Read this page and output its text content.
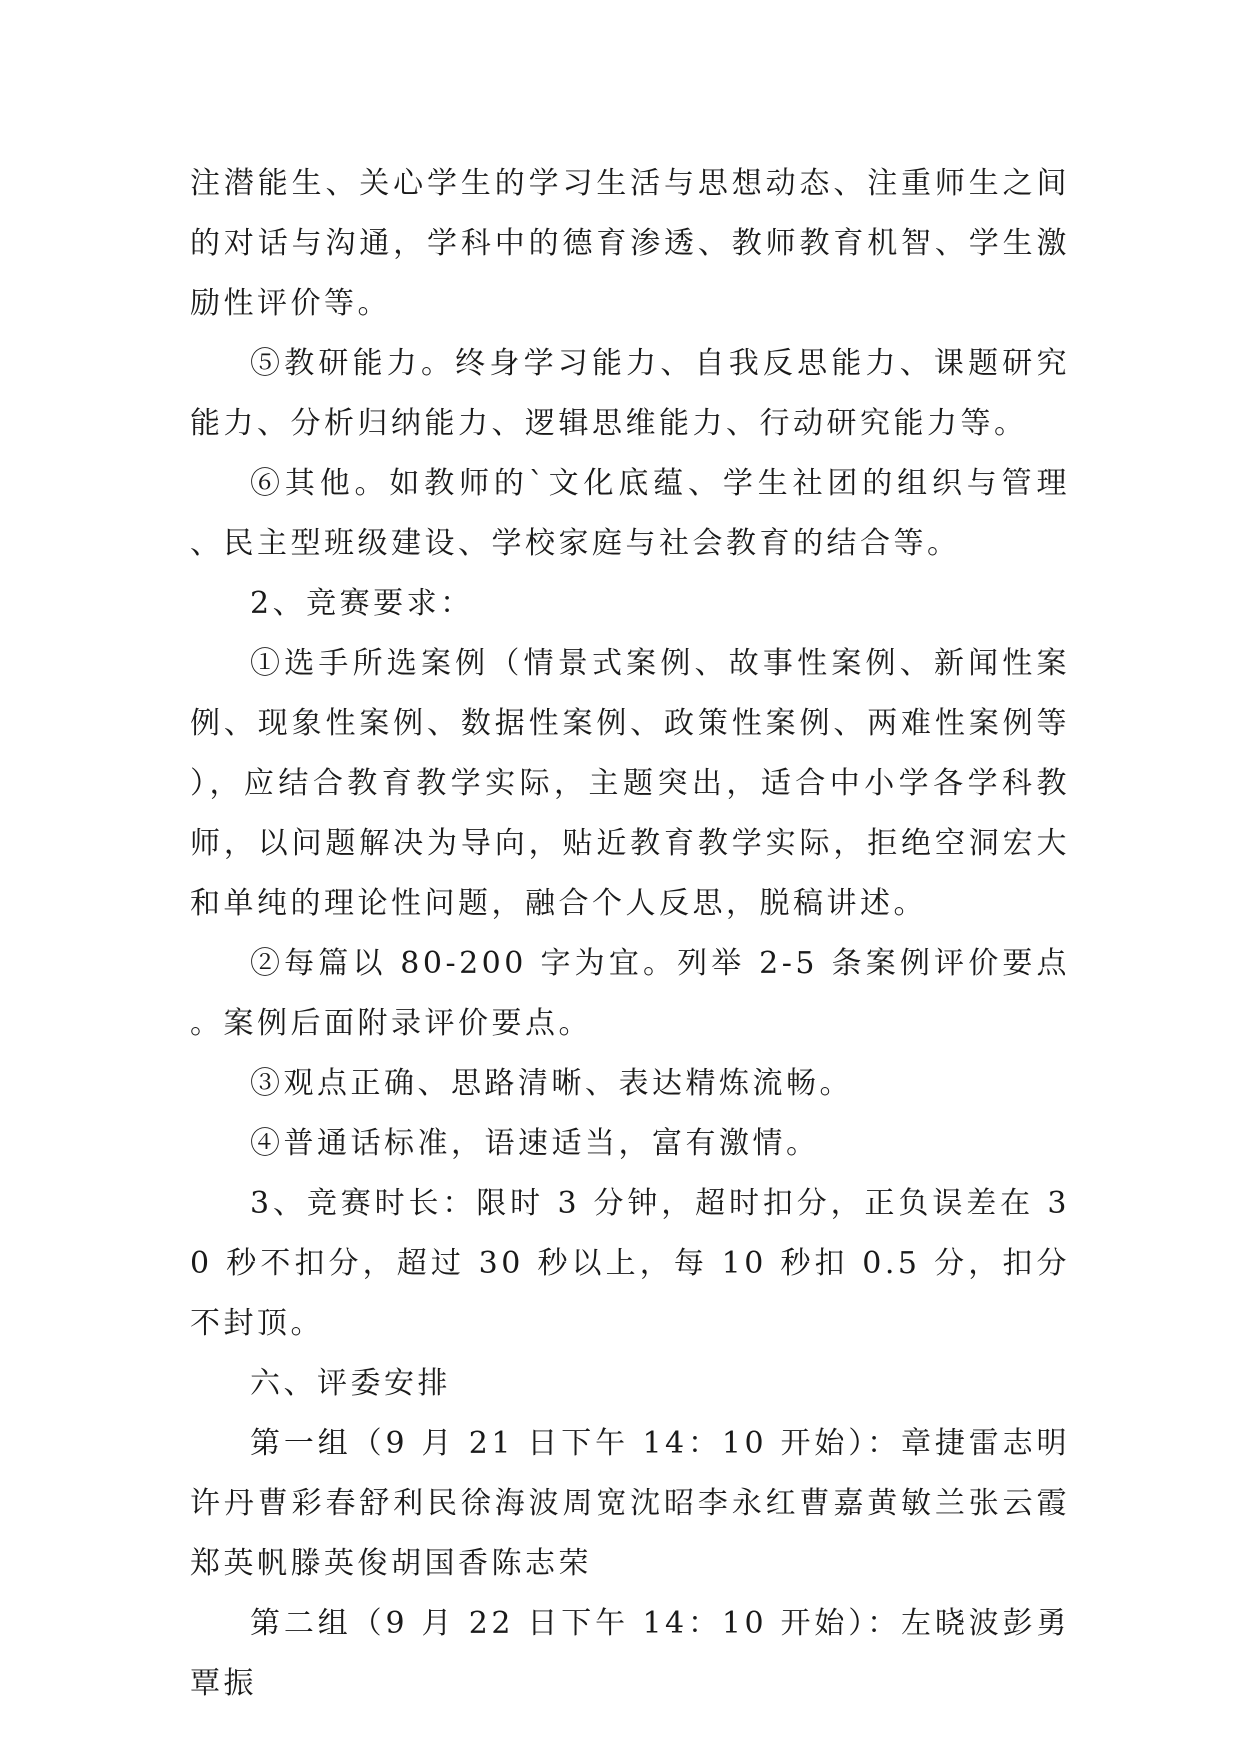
注潜能生、关心学生的学习生活与思想动态、注重师生之间的对话与沟通，学科中的德育渗透、教师教育机智、学生激励性评价等。

⑤教研能力。终身学习能力、自我反思能力、课题研究能力、分析归纳能力、逻辑思维能力、行动研究能力等。

⑥其他。如教师的`文化底蕴、学生社团的组织与管理、民主型班级建设、学校家庭与社会教育的结合等。

2、竞赛要求：

①选手所选案例（情景式案例、故事性案例、新闻性案例、现象性案例、数据性案例、政策性案例、两难性案例等），应结合教育教学实际，主题突出，适合中小学各学科教师，以问题解决为导向，贴近教育教学实际，拒绝空洞宏大和单纯的理论性问题，融合个人反思，脱稿讲述。

②每篇以 80-200 字为宜。列举 2-5 条案例评价要点。案例后面附录评价要点。

③观点正确、思路清晰、表达精炼流畅。

④普通话标准，语速适当，富有激情。

3、竞赛时长：限时 3 分钟，超时扣分，正负误差在 30 秒不扣分，超过 30 秒以上，每 10 秒扣 0.5 分，扣分不封顶。

六、评委安排

第一组（9 月 21 日下午 14：10 开始）：章捷雷志明许丹曹彩春舒利民徐海波周宽沈昭李永红曹嘉黄敏兰张云霞郑英帆滕英俊胡国香陈志荣

第二组（9 月 22 日下午 14：10 开始）：左晓波彭勇覃振
